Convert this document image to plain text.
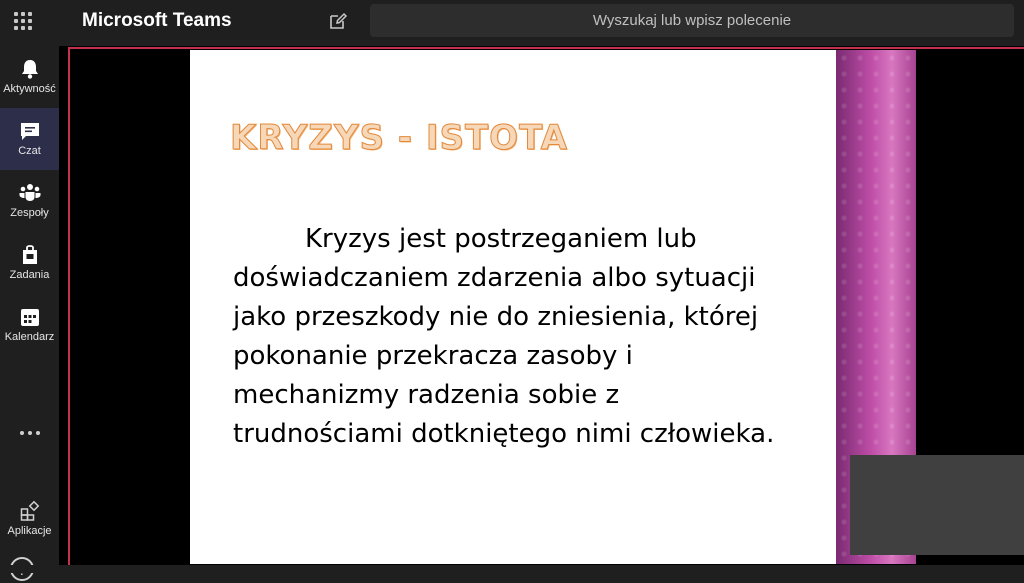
Microsoft Teams	Wyszukaj lub wpisz polecenie
Aktywność
Czat
Zespoły
Zadania
Kalendarz
Aplikacje
KRYZYS - ISTOTA
Kryzys jest postrzeganiem lub doświadczaniem zdarzenia albo sytuacji jako przeszkody nie do zniesienia, której pokonanie przekracza zasoby i mechanizmy radzenia sobie z trudnościami dotkniętego nimi człowieka.
